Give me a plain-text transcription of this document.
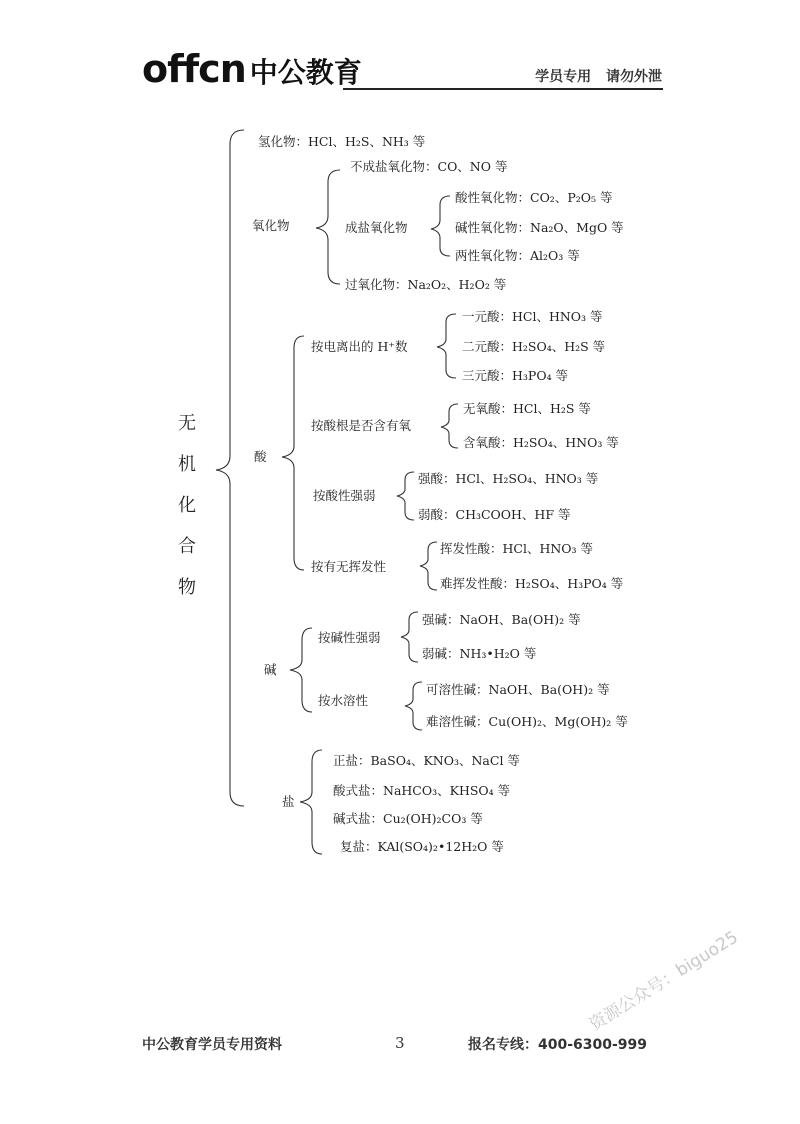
offcn 中公教育	学员专用 请勿外泄
无机化合物
氢化物：HCl、H₂S、NH₃ 等
氧化物
不成盐氧化物：CO、NO 等
成盐氧化物
酸性氧化物：CO₂、P₂O₅ 等
碱性氧化物：Na₂O、MgO 等
两性氧化物：Al₂O₃ 等
过氧化物：Na₂O₂、H₂O₂ 等
酸
按电离出的 H⁺数
一元酸：HCl、HNO₃ 等
二元酸：H₂SO₄、H₂S 等
三元酸：H₃PO₄ 等
按酸根是否含有氧
无氧酸：HCl、H₂S 等
含氧酸：H₂SO₄、HNO₃ 等
按酸性强弱
强酸：HCl、H₂SO₄、HNO₃ 等
弱酸：CH₃COOH、HF 等
按有无挥发性
挥发性酸：HCl、HNO₃ 等
难挥发性酸：H₂SO₄、H₃PO₄ 等
碱
按碱性强弱
强碱：NaOH、Ba(OH)₂ 等
弱碱：NH₃•H₂O 等
按水溶性
可溶性碱：NaOH、Ba(OH)₂ 等
难溶性碱：Cu(OH)₂、Mg(OH)₂ 等
盐
正盐：BaSO₄、KNO₃、NaCl 等
酸式盐：NaHCO₃、KHSO₄ 等
碱式盐：Cu₂(OH)₂CO₃ 等
复盐：KAl(SO₄)₂•12H₂O 等
中公教育学员专用资料	3	报名专线：400-6300-999
资源公众号：biguo25
